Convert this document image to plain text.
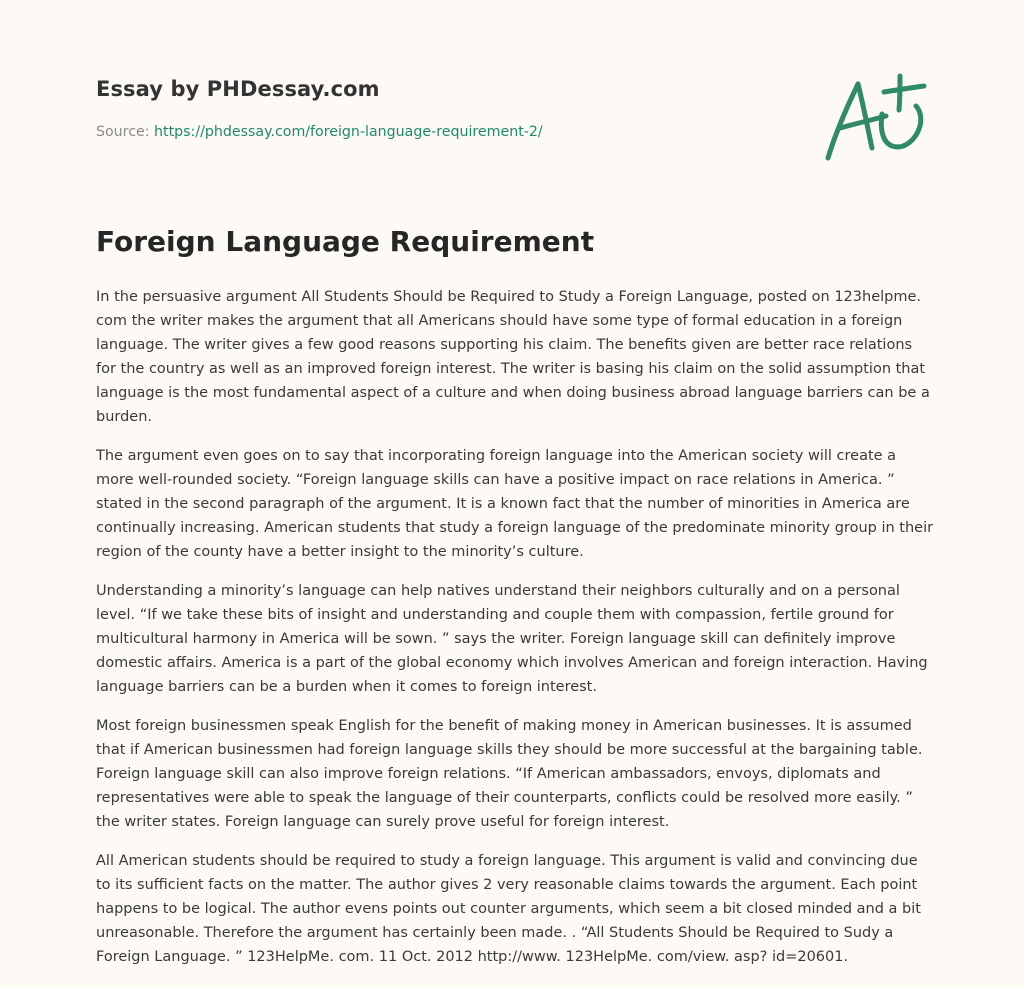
Essay by PHDessay.com
Source: https://phdessay.com/foreign-language-requirement-2/
Foreign Language Requirement

In the persuasive argument All Students Should be Required to Study a Foreign Language, posted on 123helpme. com the writer makes the argument that all Americans should have some type of formal education in a foreign language. The writer gives a few good reasons supporting his claim. The benefits given are better race relations for the country as well as an improved foreign interest. The writer is basing his claim on the solid assumption that language is the most fundamental aspect of a culture and when doing business abroad language barriers can be a burden.

The argument even goes on to say that incorporating foreign language into the American society will create a more well-rounded society. “Foreign language skills can have a positive impact on race relations in America. ” stated in the second paragraph of the argument. It is a known fact that the number of minorities in America are continually increasing. American students that study a foreign language of the predominate minority group in their region of the county have a better insight to the minority’s culture.

Understanding a minority’s language can help natives understand their neighbors culturally and on a personal level. “If we take these bits of insight and understanding and couple them with compassion, fertile ground for multicultural harmony in America will be sown. ” says the writer. Foreign language skill can definitely improve domestic affairs. America is a part of the global economy which involves American and foreign interaction. Having language barriers can be a burden when it comes to foreign interest.

Most foreign businessmen speak English for the benefit of making money in American businesses. It is assumed that if American businessmen had foreign language skills they should be more successful at the bargaining table. Foreign language skill can also improve foreign relations. “If American ambassadors, envoys, diplomats and representatives were able to speak the language of their counterparts, conflicts could be resolved more easily. ” the writer states. Foreign language can surely prove useful for foreign interest.

All American students should be required to study a foreign language. This argument is valid and convincing due to its sufficient facts on the matter. The author gives 2 very reasonable claims towards the argument. Each point happens to be logical. The author evens points out counter arguments, which seem a bit closed minded and a bit unreasonable. Therefore the argument has certainly been made. . “All Students Should be Required to Sudy a Foreign Language. ” 123HelpMe. com. 11 Oct. 2012 http://www. 123HelpMe. com/view. asp? id=20601.
